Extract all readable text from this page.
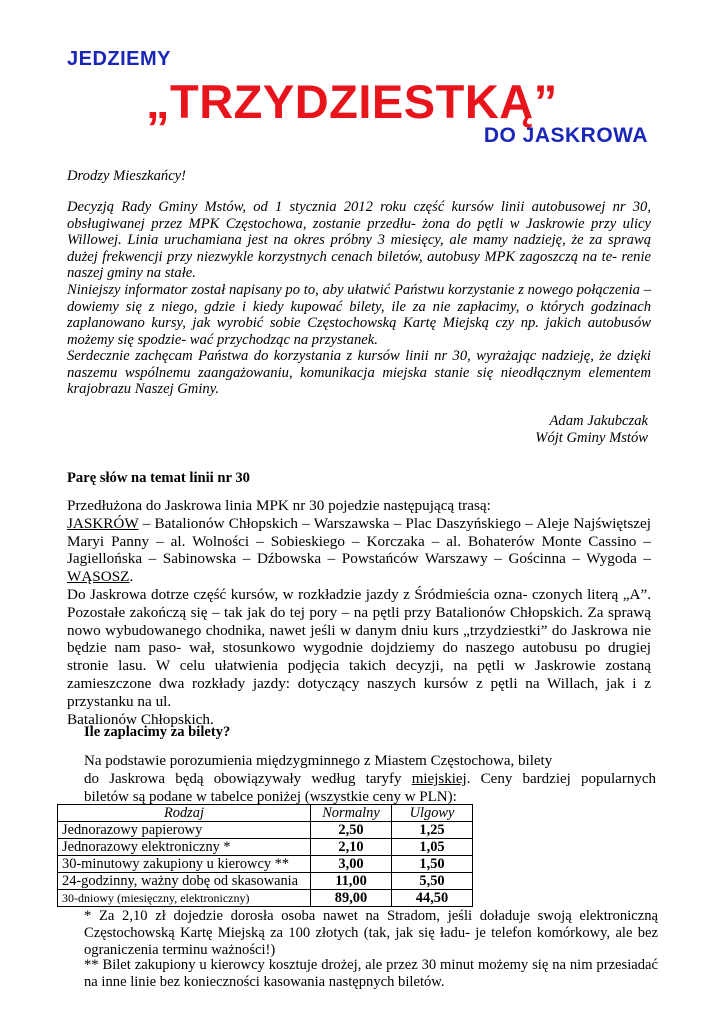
JEDZIEMY
„TRZYDZIESTKĄ”
DO JASKROWA
Drodzy Mieszkańcy!
Decyzją Rady Gminy Mstów, od 1 stycznia 2012 roku część kursów linii autobusowej nr 30, obsługiwanej przez MPK Częstochowa, zostanie przedłu- żona do pętli w Jaskrowie przy ulicy Willowej. Linia uruchamiana jest na okres próbny 3 miesięcy, ale mamy nadzieję, że za sprawą dużej frekwencji przy niezwykle korzystnych cenach biletów, autobusy MPK zagoszczą na te- renie naszej gminy na stałe.
Niniejszy informator został napisany po to, aby ułatwić Państwu korzystanie z nowego połączenia – dowiemy się z niego, gdzie i kiedy kupować bilety, ile za nie zapłacimy, o których godzinach zaplanowano kursy, jak wyrobić sobie Częstochowską Kartę Miejską czy np. jakich autobusów możemy się spodzie- wać przychodząc na przystanek.
Serdecznie zachęcam Państwa do korzystania z kursów linii nr 30, wyrażając nadzieję, że dzięki naszemu wspólnemu zaangażowaniu, komunikacja miejska stanie się nieodłącznym elementem krajobrazu Naszej Gminy.
Adam Jakubczak
Wójt Gminy Mstów
Parę słów na temat linii nr 30
Przedłużona do Jaskrowa linia MPK nr 30 pojedzie następującą trasą:
JASKRÓW – Batalionów Chłopskich – Warszawska – Plac Daszyńskiego – Aleje Najświętszej Maryi Panny – al. Wolności – Sobieskiego – Korczaka – al. Bohaterów Monte Cassino – Jagiellońska – Sabinowska – Dźbowska – Powstańców Warszawy – Gościnna – Wygoda – WĄSOSZ.
Do Jaskrowa dotrze część kursów, w rozkładzie jazdy z Śródmieścia ozna- czonych literą „A”. Pozostałe zakończą się – tak jak do tej pory – na pętli przy Batalionów Chłopskich. Za sprawą nowo wybudowanego chodnika, nawet jeśli w danym dniu kurs „trzydziestki” do Jaskrowa nie będzie nam paso- wał, stosunkowo wygodnie dojdziemy do naszego autobusu po drugiej stronie lasu. W celu ułatwienia podjęcia takich decyzji, na pętli w Jaskrowie zostaną zamieszczone dwa rozkłady jazdy: dotyczący naszych kursów z pętli na Willach, jak i z przystanku na ul.
Batalionów Chłopskich.
Ile zaplacimy za bilety?
Na podstawie porozumienia międzygminnego z Miastem Częstochowa, bilety
do Jaskrowa będą obowiązywały według taryfy miejskiej. Ceny bardziej popularnych
biletów są podane w tabelce poniżej (wszystkie ceny w PLN):
Rodzaj	Normalny	Ulgowy
Jednorazowy papierowy	2,50	1,25
Jednorazowy elektroniczny *	2,10	1,05
30-minutowy zakupiony u kierowcy **	3,00	1,50
24-godzinny, ważny dobę od skasowania	11,00	5,50
30-dniowy (miesięczny, elektroniczny)	89,00	44,50
* Za 2,10 zł dojedzie dorosła osoba nawet na Stradom, jeśli doładuje swoją elektroniczną Częstochowską Kartę Miejską za 100 złotych (tak, jak się ładu- je telefon komórkowy, ale bez ograniczenia terminu ważności!)
** Bilet zakupiony u kierowcy kosztuje drożej, ale przez 30 minut możemy się na nim przesiadać na inne linie bez konieczności kasowania następnych biletów.
